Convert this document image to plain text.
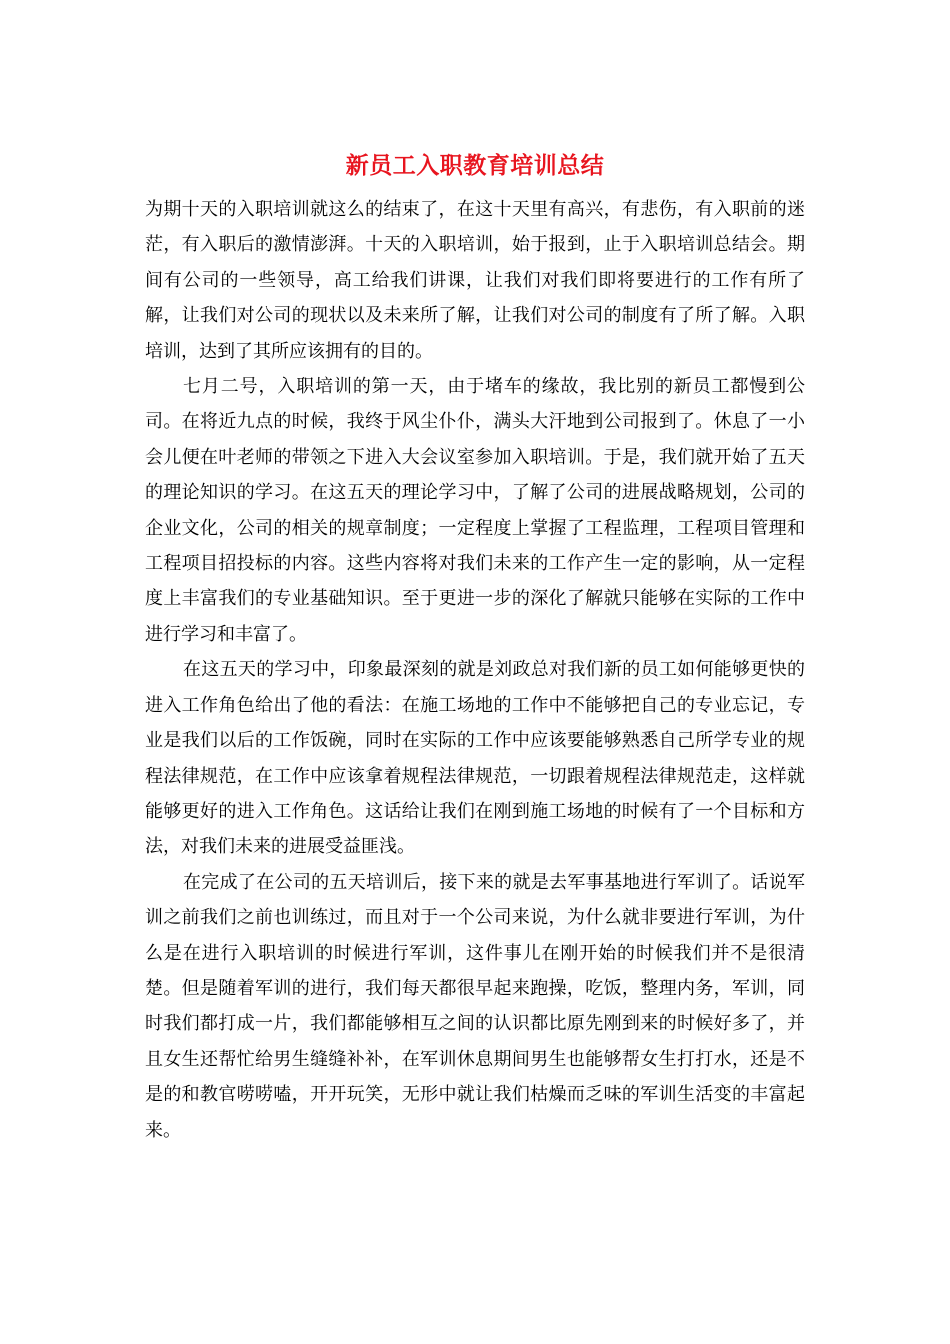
新员工入职教育培训总结

为期十天的入职培训就这么的结束了，在这十天里有高兴，有悲伤，有入职前的迷茫，有入职后的激情澎湃。十天的入职培训，始于报到，止于入职培训总结会。期间有公司的一些领导，高工给我们讲课，让我们对我们即将要进行的工作有所了解，让我们对公司的现状以及未来所了解，让我们对公司的制度有了所了解。入职培训，达到了其所应该拥有的目的。

七月二号，入职培训的第一天，由于堵车的缘故，我比别的新员工都慢到公司。在将近九点的时候，我终于风尘仆仆，满头大汗地到公司报到了。休息了一小会儿便在叶老师的带领之下进入大会议室参加入职培训。于是，我们就开始了五天的理论知识的学习。在这五天的理论学习中，了解了公司的进展战略规划，公司的企业文化，公司的相关的规章制度；一定程度上掌握了工程监理，工程项目管理和工程项目招投标的内容。这些内容将对我们未来的工作产生一定的影响，从一定程度上丰富我们的专业基础知识。至于更进一步的深化了解就只能够在实际的工作中进行学习和丰富了。

在这五天的学习中，印象最深刻的就是刘政总对我们新的员工如何能够更快的进入工作角色给出了他的看法：在施工场地的工作中不能够把自己的专业忘记，专业是我们以后的工作饭碗，同时在实际的工作中应该要能够熟悉自己所学专业的规程法律规范，在工作中应该拿着规程法律规范，一切跟着规程法律规范走，这样就能够更好的进入工作角色。这话给让我们在刚到施工场地的时候有了一个目标和方法，对我们未来的进展受益匪浅。

在完成了在公司的五天培训后，接下来的就是去军事基地进行军训了。话说军训之前我们之前也训练过，而且对于一个公司来说，为什么就非要进行军训，为什么是在进行入职培训的时候进行军训，这件事儿在刚开始的时候我们并不是很清楚。但是随着军训的进行，我们每天都很早起来跑操，吃饭，整理内务，军训，同时我们都打成一片，我们都能够相互之间的认识都比原先刚到来的时候好多了，并且女生还帮忙给男生缝缝补补，在军训休息期间男生也能够帮女生打打水，还是不是的和教官唠唠嗑，开开玩笑，无形中就让我们枯燥而乏味的军训生活变的丰富起来。
